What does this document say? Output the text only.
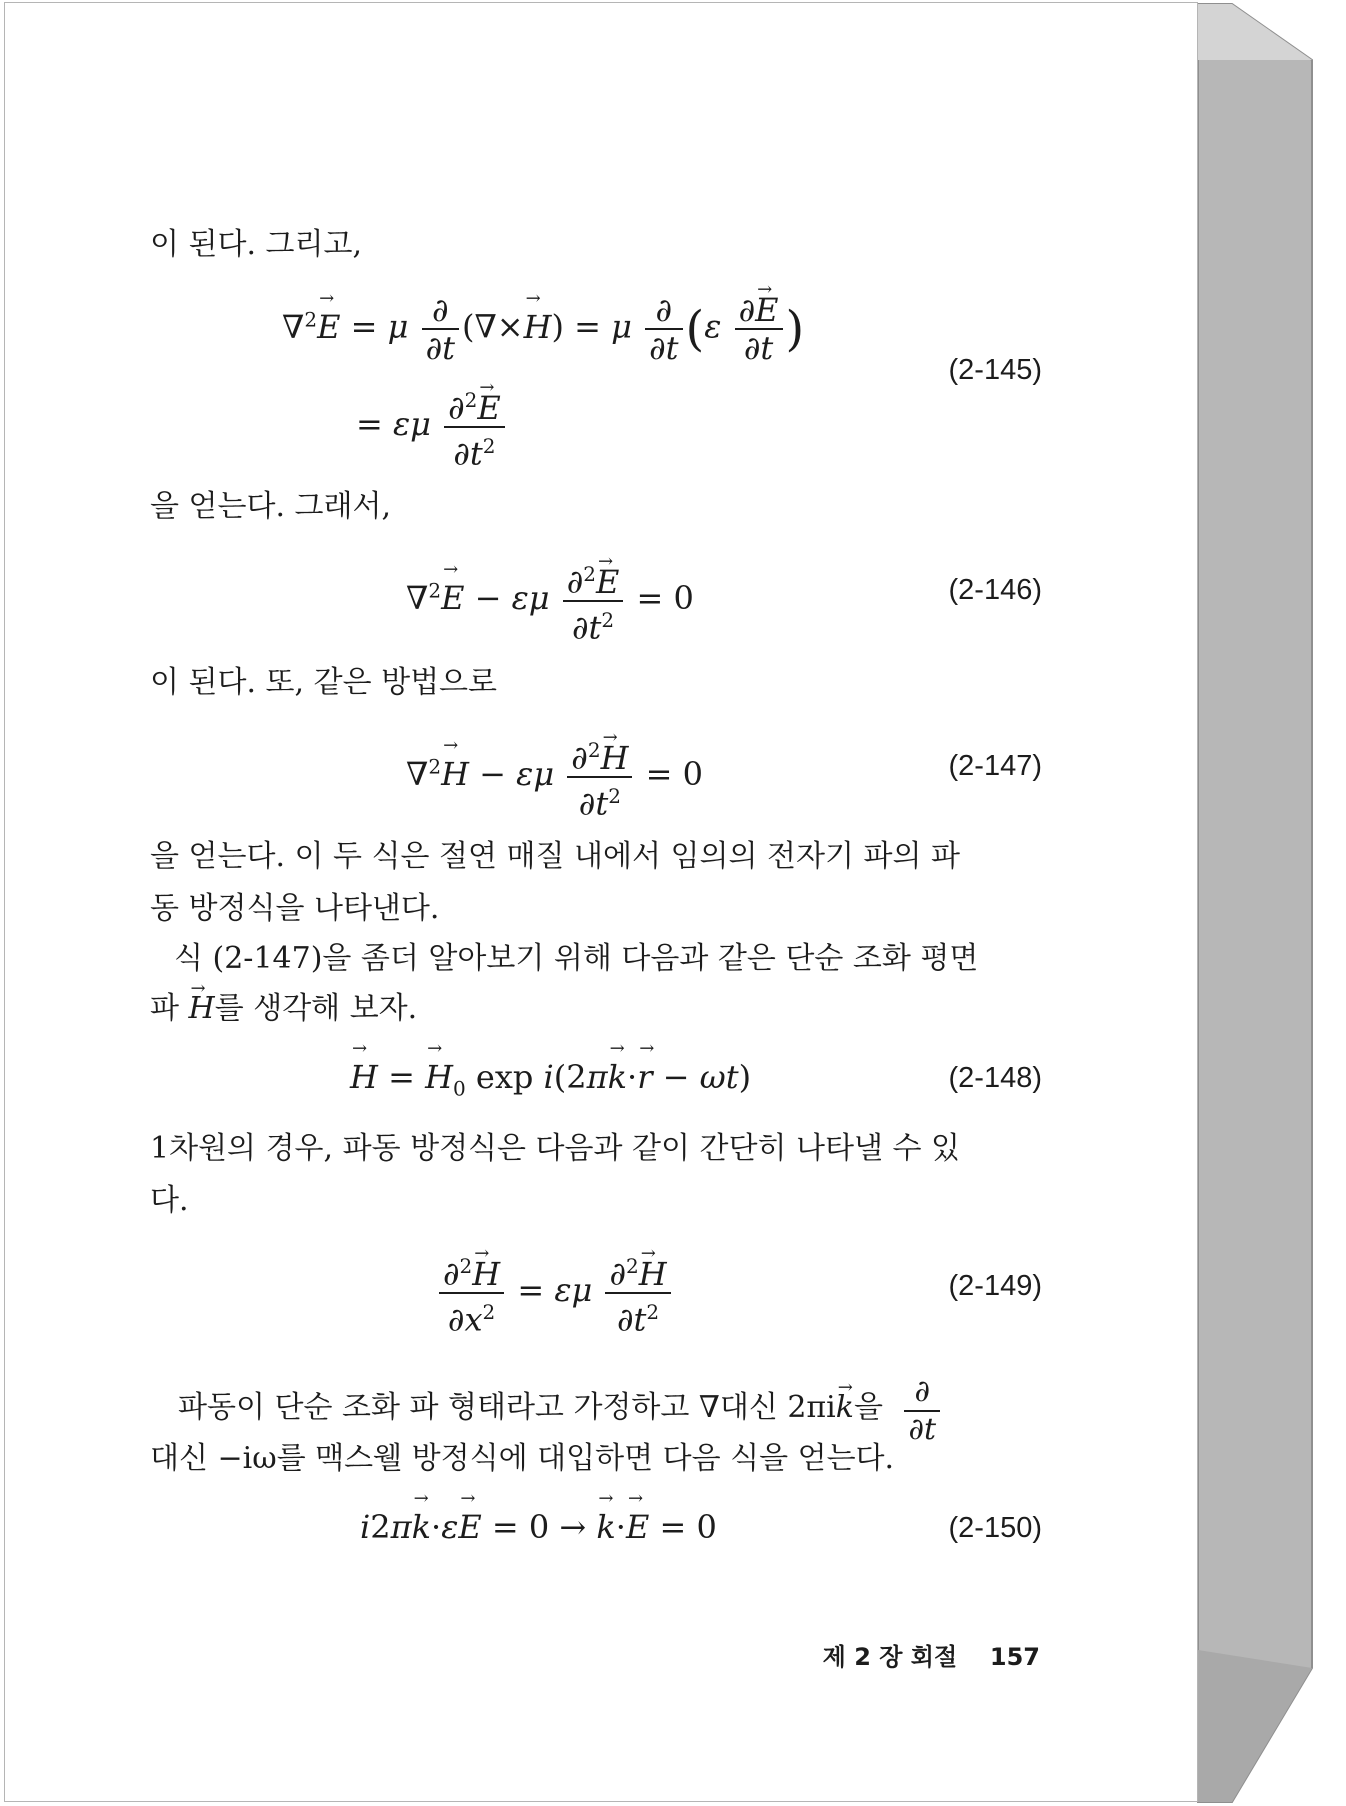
이 된다. 그리고,
∇$^2$→ E = μ $\frac{\partial}{\partial t}$ (∇×→ H) = μ $\frac{\partial}{\partial t} (\varepsilon \frac{\partial\to E}{\partial t}$ )
= εμ $\frac{\partial^2\to E}{\partial t^2}$
(2-145)
을 얻는다. 그래서,
∇$^2$→ E − εμ $\frac{\partial^2\to E}{\partial t^2} = 0$	(2-146)
이 된다. 또, 같은 방법으로
∇$^2$→ H − εμ $\frac{\partial^2\to H}{\partial t^2} = 0$	(2-147)
을 얻는다. 이 두 식은 절연 매질 내에서 임의의 전자기 파의 파
동 방정식을 나타낸다.
식 (2-147)을 좀더 알아보기 위해 다음과 같은 단순 조화 평면
파 → H를 생각해 보자.
→ H = → $H_0$ exp i(2π→ k·→ r − ωt)	(2-148)
1차원의 경우, 파동 방정식은 다음과 같이 간단히 나타낼 수 있
다.
$\frac{\partial^2\to H}{\partial x^2} = \varepsilon\mu \frac{\partial^2\to H}{\partial t^2}$	(2-149)
파동이 단순 조화 파 형태라고 가정하고 ∇대신 2πi→ k을 $\frac{\partial}{\partial t}$
대신 −iω를 맥스웰 방정식에 대입하면 다음 식을 얻는다.
i2π→ k·ε→ E = 0 → → k·→ E = 0	(2-150)
제 2 장 회절 157
